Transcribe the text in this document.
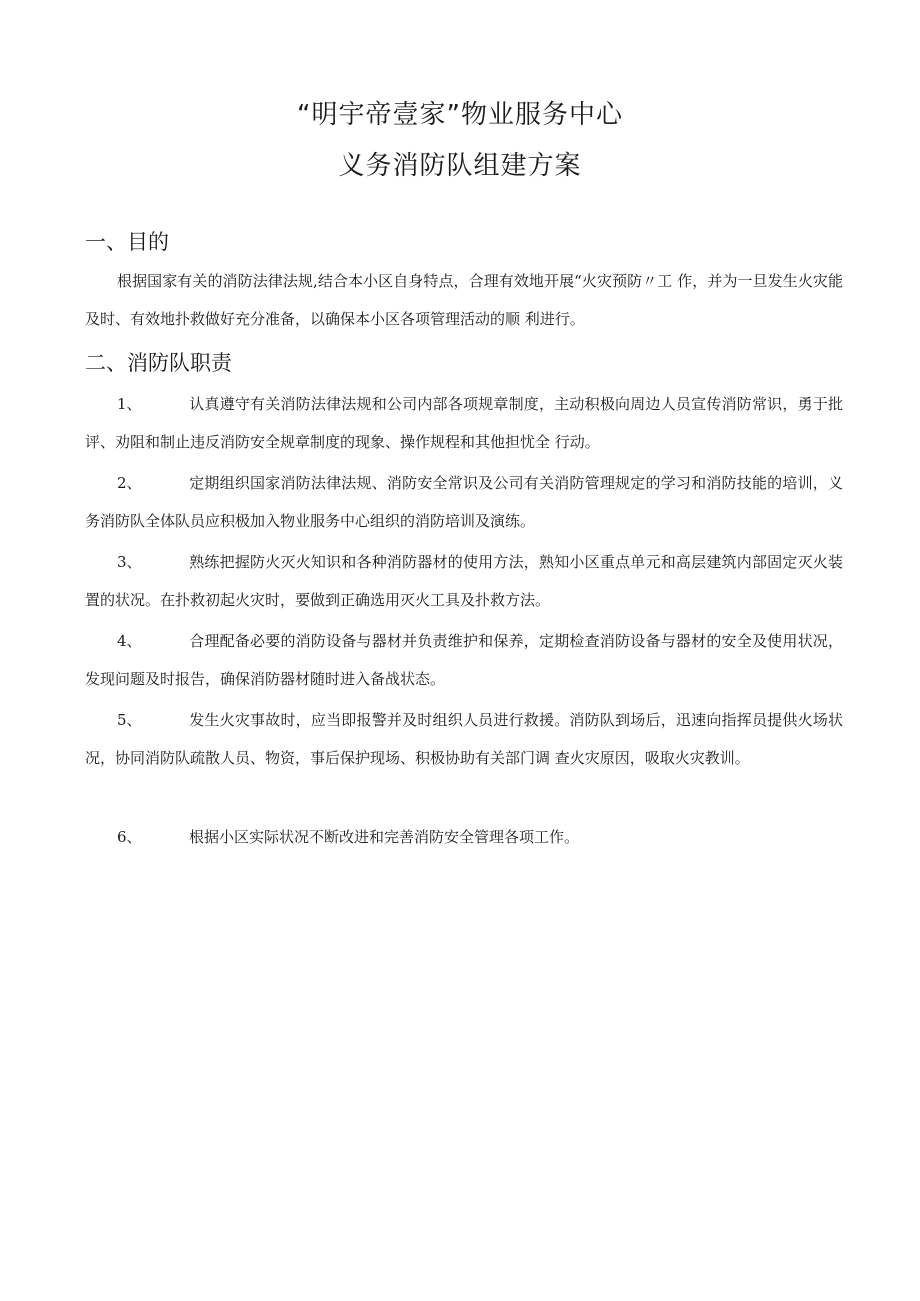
“明宇帝壹家”物业服务中心
义务消防队组建方案
一、目的

根据国家有关的消防法律法规,结合本小区自身特点，合理有效地开展“火灾预防〃工 作，并为一旦发生火灾能及时、有效地扑救做好充分准备，以确保本小区各项管理活动的顺 利进行。

二、消防队职责

1、	认真遵守有关消防法律法规和公司内部各项规章制度，主动积极向周边人员宣传消防常识，勇于批评、劝阻和制止违反消防安全规章制度的现象、操作规程和其他担忧全 行动。

2、	定期组织国家消防法律法规、消防安全常识及公司有关消防管理规定的学习和消防技能的培训，义务消防队全体队员应积极加入物业服务中心组织的消防培训及演练。

3、	熟练把握防火灭火知识和各种消防器材的使用方法，熟知小区重点单元和高层建筑内部固定灭火装置的状况。在扑救初起火灾时，要做到正确选用灭火工具及扑救方法。

4、	合理配备必要的消防设备与器材并负责维护和保养，定期检查消防设备与器材的安全及使用状况，发现问题及时报告，确保消防器材随时进入备战状态。

5、	发生火灾事故时，应当即报警并及时组织人员进行救援。消防队到场后，迅速向指挥员提供火场状况，协同消防队疏散人员、物资，事后保护现场、积极协助有关部门调 查火灾原因，吸取火灾教训。

6、	根据小区实际状况不断改进和完善消防安全管理各项工作。
